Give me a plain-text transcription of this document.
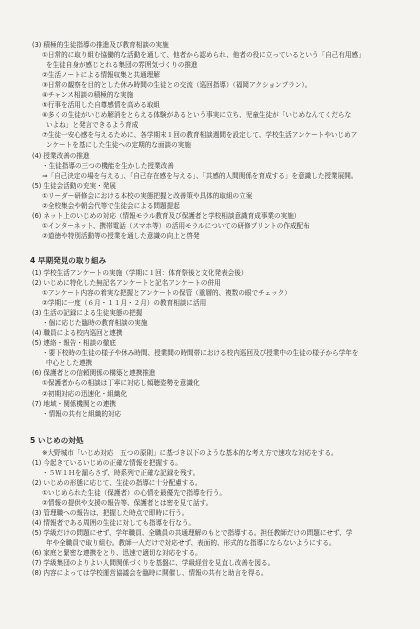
(3) 積極的生徒指導の推進及び教育相談の実施
①日常的に取り組む協働的な活動を通して、他者から認められ、他者の役に立っているという「自己有用感」
を生徒自身が感じとれる集団の雰囲気づくりの推進
②生活ノートによる情報収集と共通理解
③日常の観察を目的とした休み時間の生徒との交流（巡回指導）（福岡アクションプラン）。
④チャンス相談の積極的な実施
⑤行事を活用した自尊感情を高める取組
⑥多くの生徒がいじめ解消をとらえる体験があるという事実に立ち、児童生徒が「いじめなんてくだらな
いよね」と発言できるよう育成
⑦生徒一安心感を与えるために、各学期末１回の教育相談週間を設定して、学校生活アンケートやいじめア
ンケートを基にした生徒への定期的な面談の実施
(4) 授業改善の推進
・生徒指導の三つの機能を生かした授業改善
⇒「自己決定の場を与える」、「自己存在感を与える」、「共感的人間関係を育成する」を意識した授業展開。
(5) 生徒会活動の充実・発展
①リーダー研修会における本校の実態把握と改善策や具体的取組の立案
②全校集会や朝会代等で生徒会による問題提起
(6) ネット上のいじめの対応（情報モラル教育及び保護者と学校相談意識育成事業の実施）
①インターネット、携帯電話（スマホ等）の活用モラルについての研修プリントの作成配布
②道徳や特別活動等の授業を通した意識の向上と啓発
4 早期発見の取り組み
(1) 学校生活アンケートの実施（学期に１回：体育祭後と文化発表会後）
(2) いじめに特化した無記名アンケートと記名アンケートの併用
①アンケート内容の着実な把握とアンケートの保管（重層的、複数の眼でチェック）
②学期に一度（６月・１１月・２月）の教育相談に活用
(3) 生活の記録による生徒実態の把握
・個に応じた臨時の教育相談の実施
(4) 職員による校内巡回と連携
(5) 連絡・報告・相談の徹底
・要下校時の生徒の様子や休み時間、授業間の時間帯における校内巡回及び授業中の生徒の様子から学年を
中心とした連携
(6) 保護者との信頼関係の構築と連携推進
①保護者からの相談は丁寧に対応し傾聴姿勢を意識化
②初期対応の迅速化・組織化
(7) 地域・関係機関との連携
・情報の共有と組織的対応
5 いじめの対処
※大野城市「いじめ対応　五つの原則」に基づき以下のような基本的な考え方で速攻な対応をする。
(1) 今起きているいじめの正確な情報を把握する。
・５Ｗ１Ｈを漏らさず、時系列で正確な記録を残す。
(2) いじめの形態に応じて、生徒の指導に十分配慮する。
①いじめられた生徒（保護者）の心情を最優先で指導を行う。
②情報の提供や支援の報告等、保護者とは密を見て話す。
(3) 管理職への報告は、把握した時点で即時に行う。
(4) 情報者である周囲の生徒に対しても指導を行なう。
(5) 学級だけの問題にせず、学年職員、全職員の共通理解のもとで指導する。担任教師だけの問題にせず、学
年や全職員で取り組む。教師一人だけで対応せず、表面的、形式的な指導にならないようにする。
(6) 家庭と緊密な連携をとり、迅速で適切な対応をする。
(7) 学級集団のよりよい人間関係づくりを基盤に、学級経営を見直し改善を図る。
(8) 内容によっては学校運営協議会を臨時に開催し、情報の共有と助言を得る。
